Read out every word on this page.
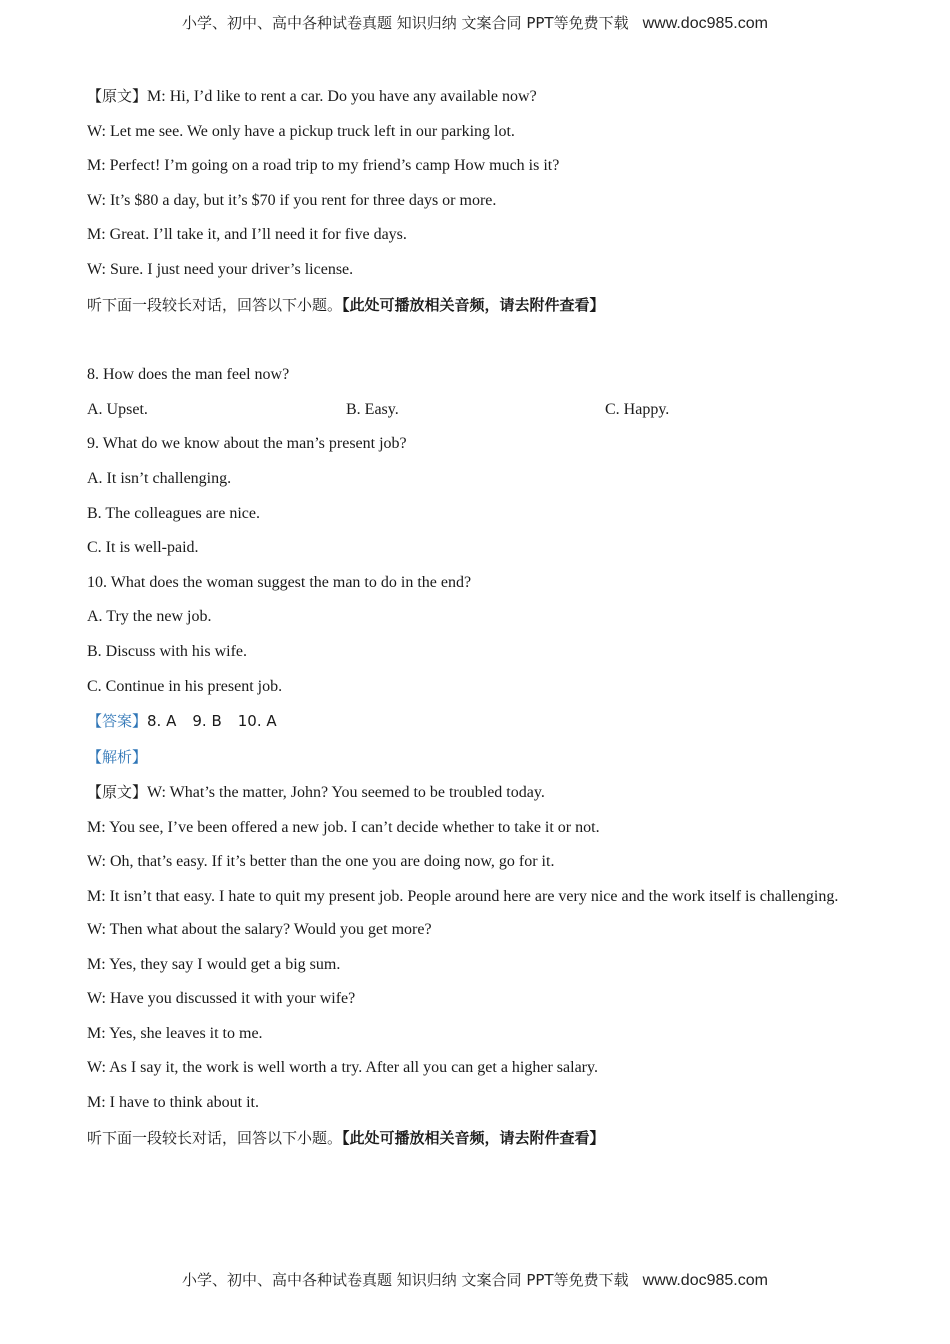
小学、初中、高中各种试卷真题 知识归纳 文案合同 PPT等免费下载 www.doc985.com

【原文】M: Hi, I’d like to rent a car. Do you have any available now?

W: Let me see. We only have a pickup truck left in our parking lot.

M: Perfect! I’m going on a road trip to my friend’s camp How much is it?

W: It’s $80 a day, but it’s $70 if you rent for three days or more.

M: Great. I’ll take it, and I’ll need it for five days.

W: Sure. I just need your driver’s license.

听下面一段较长对话，回答以下小题。【此处可播放相关音频，请去附件查看】

8. How does the man feel now?

A. Upset.	B. Easy.	C. Happy.

9. What do we know about the man’s present job?

A. It isn’t challenging.

B. The colleagues are nice.

C. It is well-paid.

10. What does the woman suggest the man to do in the end?

A. Try the new job.

B. Discuss with his wife.

C. Continue in his present job.

【答案】8. A 9. B 10. A

【解析】

【原文】W: What’s the matter, John? You seemed to be troubled today.

M: You see, I’ve been offered a new job. I can’t decide whether to take it or not.

W: Oh, that’s easy. If it’s better than the one you are doing now, go for it.

M: It isn’t that easy. I hate to quit my present job. People around here are very nice and the work itself is challenging.

W: Then what about the salary? Would you get more?

M: Yes, they say I would get a big sum.

W: Have you discussed it with your wife?

M: Yes, she leaves it to me.

W: As I say it, the work is well worth a try. After all you can get a higher salary.

M: I have to think about it.

听下面一段较长对话，回答以下小题。【此处可播放相关音频，请去附件查看】

小学、初中、高中各种试卷真题 知识归纳 文案合同 PPT等免费下载 www.doc985.com
